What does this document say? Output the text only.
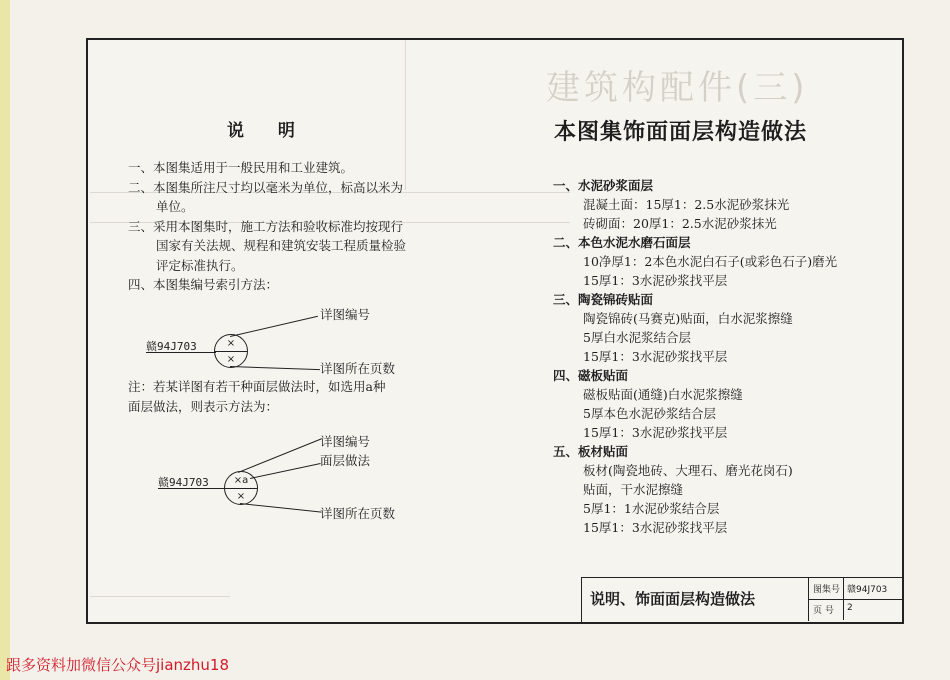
建筑构配件(三)
说 明

一、本图集适用于一般民用和工业建筑。

二、本图集所注尺寸均以毫米为单位，标高以米为

单位。

三、采用本图集时，施工方法和验收标准均按现行

国家有关法规、规程和建筑安装工程质量检验

评定标准执行。

四、本图集编号索引方法：

赣94J703	×
×
详图编号
详图所在页数

注：若某详图有若干种面层做法时，如选用a种

面层做法，则表示方法为：

赣94J703	×a
×
详图编号
面层做法
详图所在页数
本图集饰面面层构造做法

一、水泥砂浆面层

混凝土面：15厚1：2.5水泥砂浆抹光

砖砌面：20厚1：2.5水泥砂浆抹光

二、本色水泥水磨石面层

10净厚1：2本色水泥白石子(或彩色石子)磨光

15厚1：3水泥砂浆找平层

三、陶瓷锦砖贴面

陶瓷锦砖(马赛克)贴面，白水泥浆擦缝

5厚白水泥浆结合层

15厚1：3水泥砂浆找平层

四、磁板贴面

磁板贴面(通缝)白水泥浆擦缝

5厚本色水泥砂浆结合层

15厚1：3水泥砂浆找平层

五、板材贴面

板材(陶瓷地砖、大理石、磨光花岗石)

贴面，干水泥擦缝

5厚1：1水泥砂浆结合层

15厚1：3水泥砂浆找平层

说明、饰面面层构造做法	图集号 赣94J703
页 号 2
跟多资料加微信公众号jianzhu18
